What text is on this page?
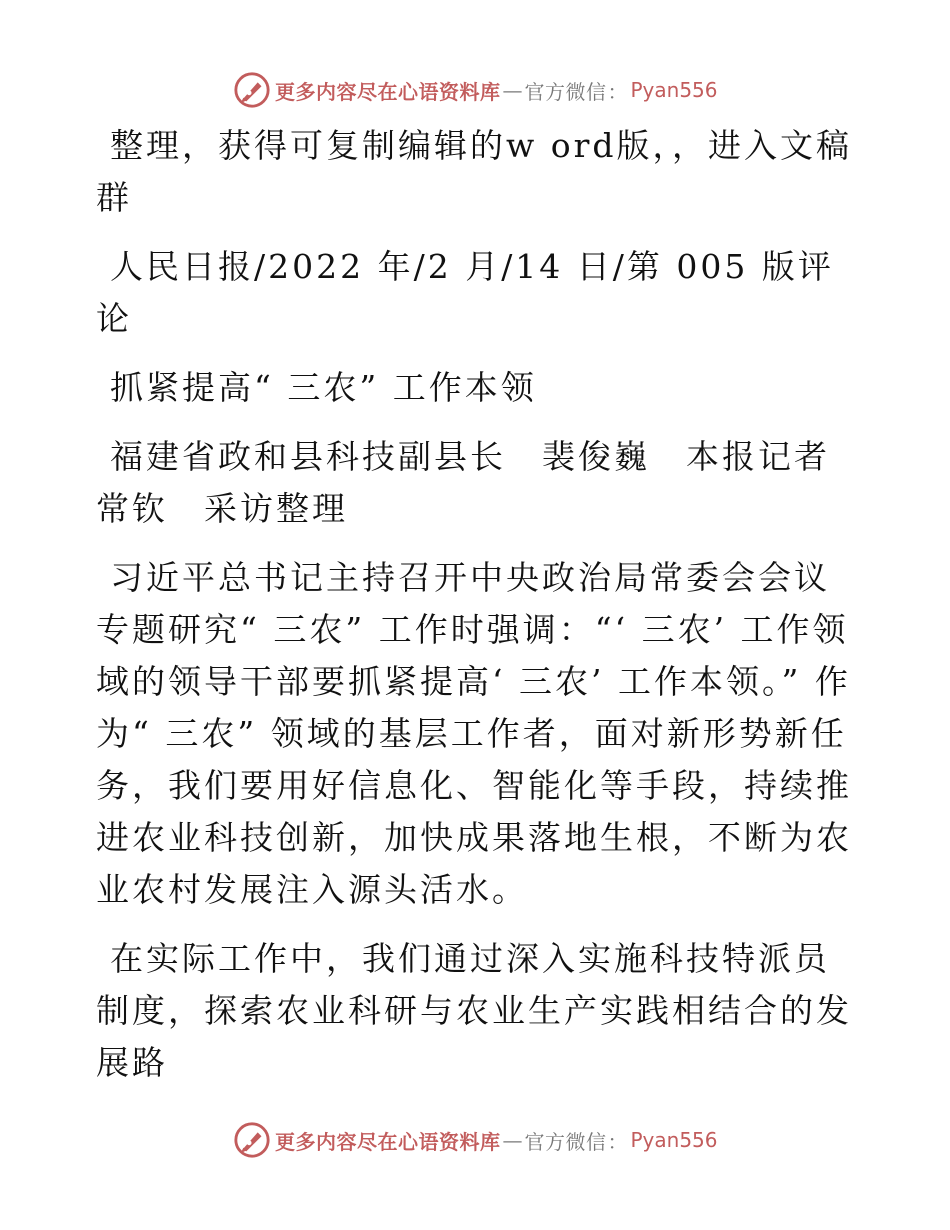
更多内容尽在心语资料库 — 官方微信 ： Pyan556

整理，获得可复制编辑的w ord版，，进入文稿群

人民日报/2022 年/2 月/14 日/第 005 版评论

抓紧提高“ 三农” 工作本领

福建省政和县科技副县长　裴俊巍　本报记者　常钦　采访整理

习近平总书记主持召开中央政治局常委会会议专题研究“ 三农” 工作时强调：“‘ 三农’ 工作领域的领导干部要抓紧提高‘ 三农’ 工作本领。” 作为“ 三农” 领域的基层工作者，面对新形势新任务，我们要用好信息化、智能化等手段，持续推进农业科技创新，加快成果落地生根，不断为农业农村发展注入源头活水。

在实际工作中，我们通过深入实施科技特派员制度，探索农业科研与农业生产实践相结合的发展路

更多内容尽在心语资料库 — 官方微信 ： Pyan556
